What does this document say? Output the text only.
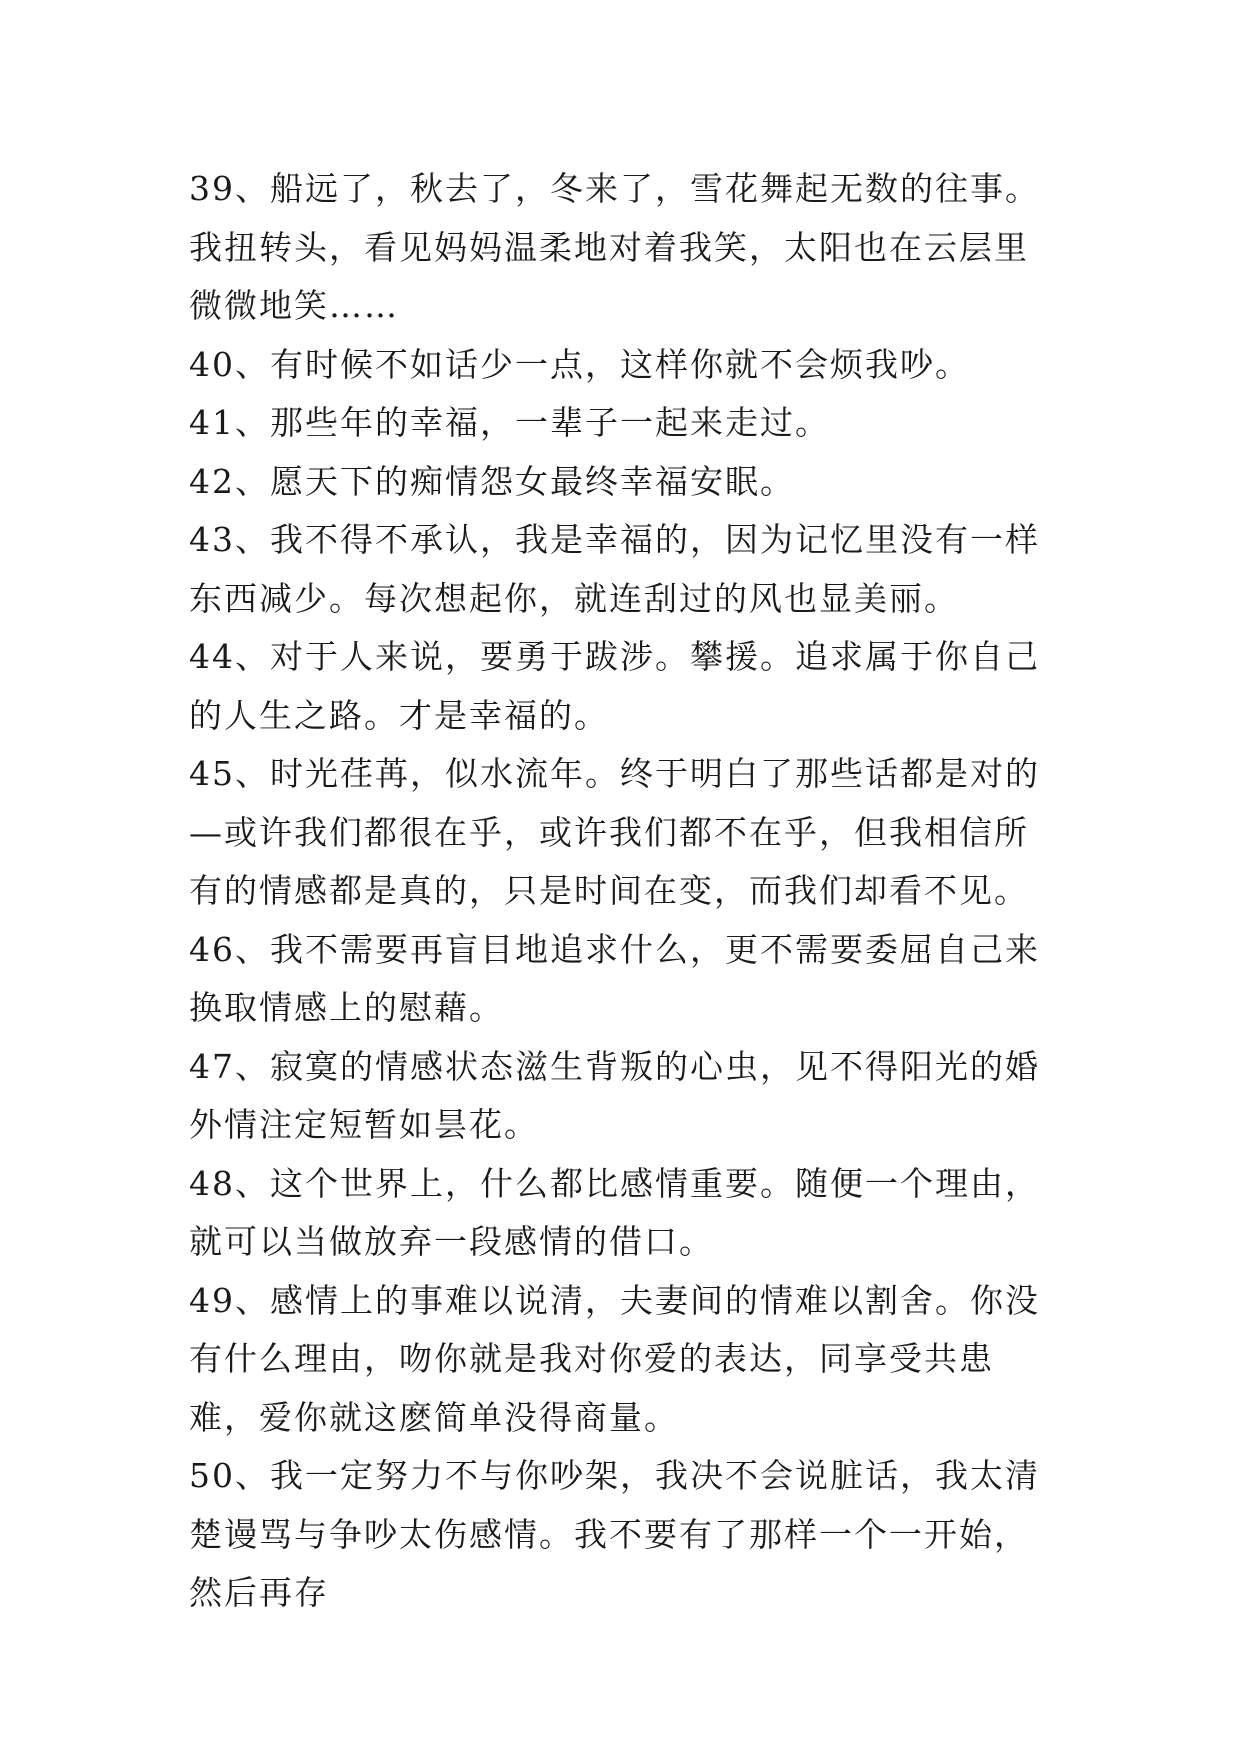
39、船远了，秋去了，冬来了，雪花舞起无数的往事。我扭转头，看见妈妈温柔地对着我笑，太阳也在云层里微微地笑……

40、有时候不如话少一点，这样你就不会烦我吵。

41、那些年的幸福，一辈子一起来走过。

42、愿天下的痴情怨女最终幸福安眠。

43、我不得不承认，我是幸福的，因为记忆里没有一样东西减少。每次想起你，就连刮过的风也显美丽。

44、对于人来说，要勇于跋涉。攀援。追求属于你自己的人生之路。才是幸福的。

45、时光荏苒，似水流年。终于明白了那些话都是对的—或许我们都很在乎，或许我们都不在乎，但我相信所有的情感都是真的，只是时间在变，而我们却看不见。

46、我不需要再盲目地追求什么，更不需要委屈自己来换取情感上的慰藉。

47、寂寞的情感状态滋生背叛的心虫，见不得阳光的婚外情注定短暂如昙花。

48、这个世界上，什么都比感情重要。随便一个理由，就可以当做放弃一段感情的借口。

49、感情上的事难以说清，夫妻间的情难以割舍。你没有什么理由，吻你就是我对你爱的表达，同享受共患难，爱你就这麽简单没得商量。

50、我一定努力不与你吵架，我决不会说脏话，我太清楚谩骂与争吵太伤感情。我不要有了那样一个一开始，然后再存
